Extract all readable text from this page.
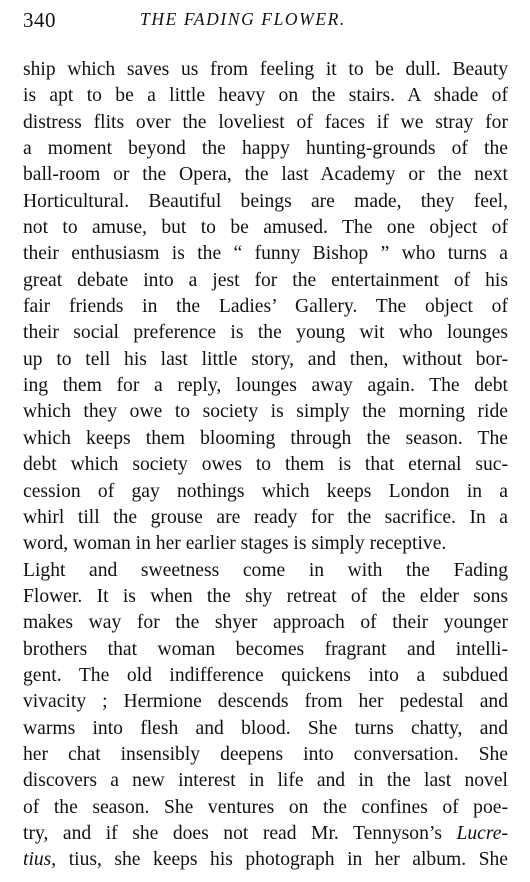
340	THE FADING FLOWER.
ship which saves us from feeling it to be dull. Beauty
is apt to be a little heavy on the stairs. A shade of
distress flits over the loveliest of faces if we stray for
a moment beyond the happy hunting-grounds of the
ball-room or the Opera, the last Academy or the next
Horticultural. Beautiful beings are made, they feel,
not to amuse, but to be amused. The one object of
their enthusiasm is the “ funny Bishop ” who turns a
great debate into a jest for the entertainment of his
fair friends in the Ladies’ Gallery. The object of
their social preference is the young wit who lounges
up to tell his last little story, and then, without bor-
ing them for a reply, lounges away again. The debt
which they owe to society is simply the morning ride
which keeps them blooming through the season. The
debt which society owes to them is that eternal suc-
cession of gay nothings which keeps London in a
whirl till the grouse are ready for the sacrifice. In a
word, woman in her earlier stages is simply receptive.
Light and sweetness come in with the Fading
Flower. It is when the shy retreat of the elder sons
makes way for the shyer approach of their younger
brothers that woman becomes fragrant and intelli-
gent. The old indifference quickens into a subdued
vivacity ; Hermione descends from her pedestal and
warms into flesh and blood. She turns chatty, and
her chat insensibly deepens into conversation. She
discovers a new interest in life and in the last novel
of the season. She ventures on the confines of poe-
try, and if she does not read Mr. Tennyson’s Lucre-
tius, tius, she keeps his photograph in her album. She
